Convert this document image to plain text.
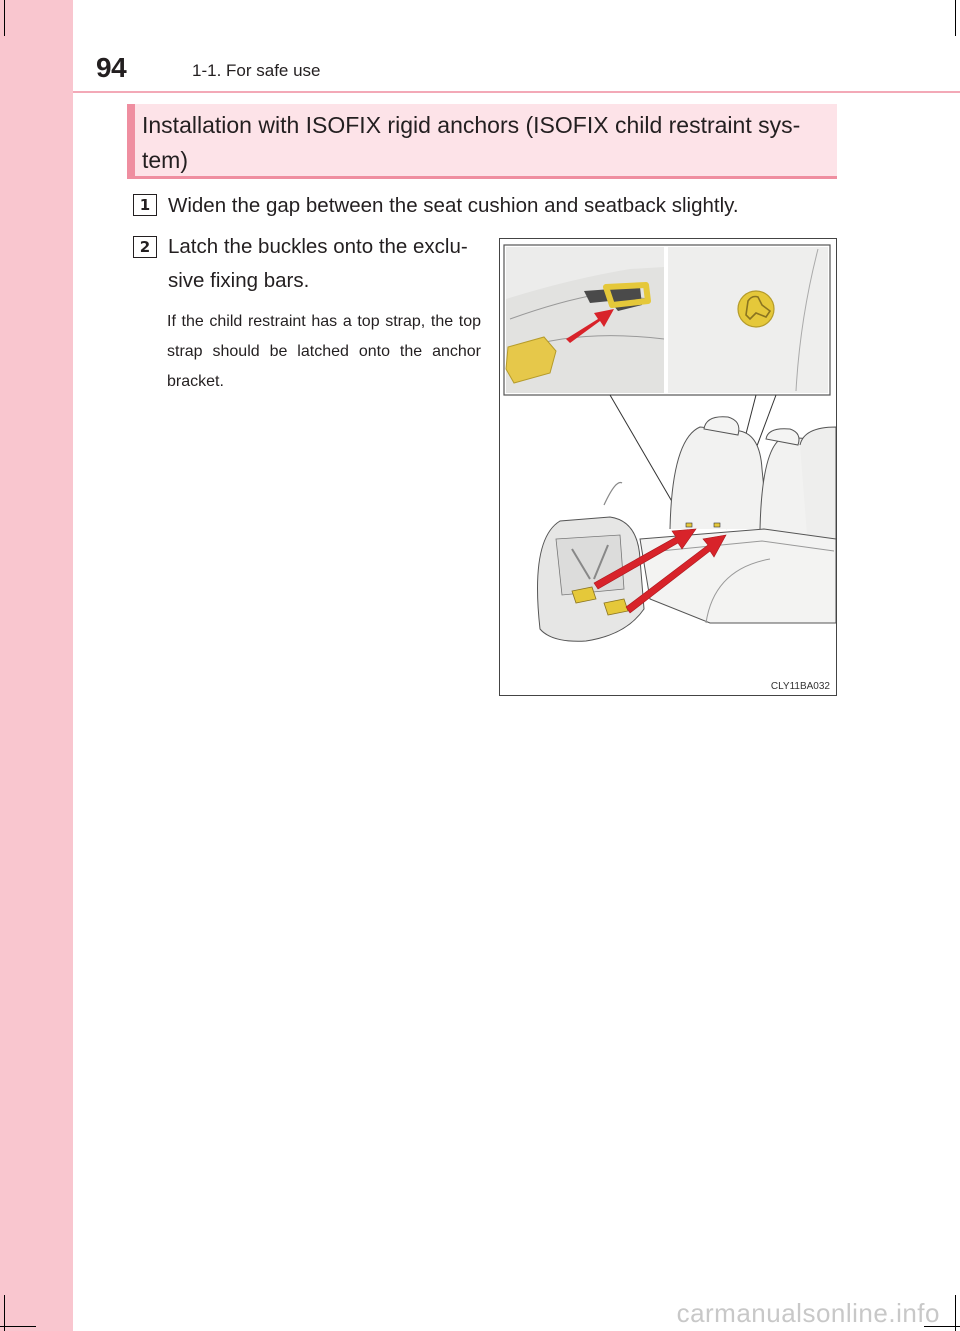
94	1-1. For safe use
Installation with ISOFIX rigid anchors (ISOFIX child restraint sys-tem)
1 Widen the gap between the seat cushion and seatback slightly.
2 Latch the buckles onto the exclu-
sive fixing bars.
If the child restraint has a top strap, the top strap should be latched onto the anchor bracket.
CLY11BA032
carmanualsonline.info
